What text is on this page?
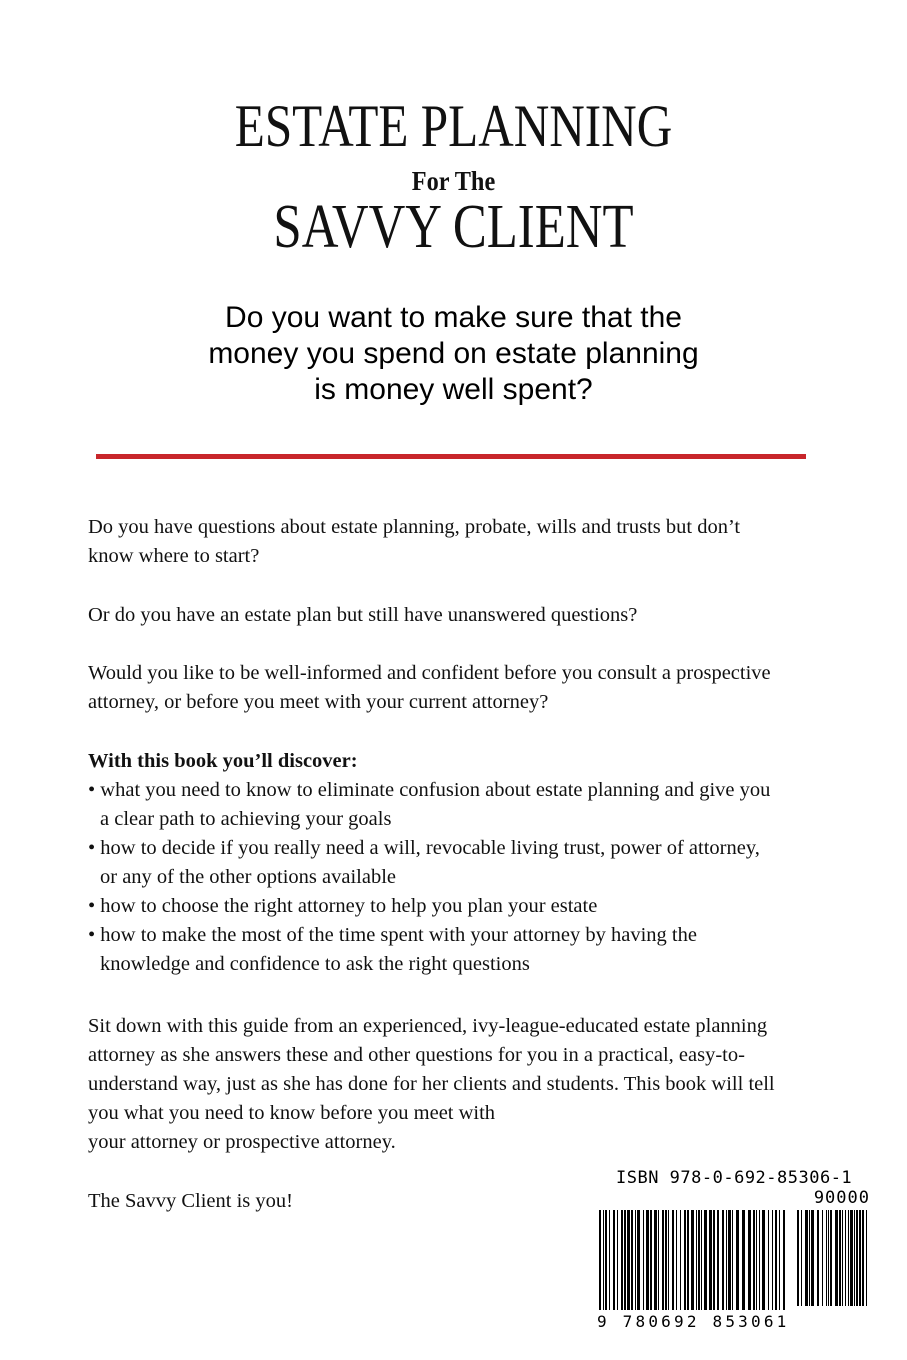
ESTATE PLANNING
For The
SAVVY CLIENT
Do you want to make sure that the
money you spend on estate planning
is money well spent?
Do you have questions about estate planning, probate, wills and trusts but don’t
know where to start?
Or do you have an estate plan but still have unanswered questions?
Would you like to be well-informed and confident before you consult a prospective
attorney, or before you meet with your current attorney?
With this book you’ll discover:
• what you need to know to eliminate confusion about estate planning and give you
a clear path to achieving your goals
• how to decide if you really need a will, revocable living trust, power of attorney,
or any of the other options available
• how to choose the right attorney to help you plan your estate
• how to make the most of the time spent with your attorney by having the
knowledge and confidence to ask the right questions
Sit down with this guide from an experienced, ivy-league-educated estate planning
attorney as she answers these and other questions for you in a practical, easy-to-
understand way, just as she has done for her clients and students. This book will tell
you what you need to know before you meet with
your attorney or prospective attorney.
The Savvy Client is you!
ISBN 978-0-692-85306-1
90000
9 780692 853061
